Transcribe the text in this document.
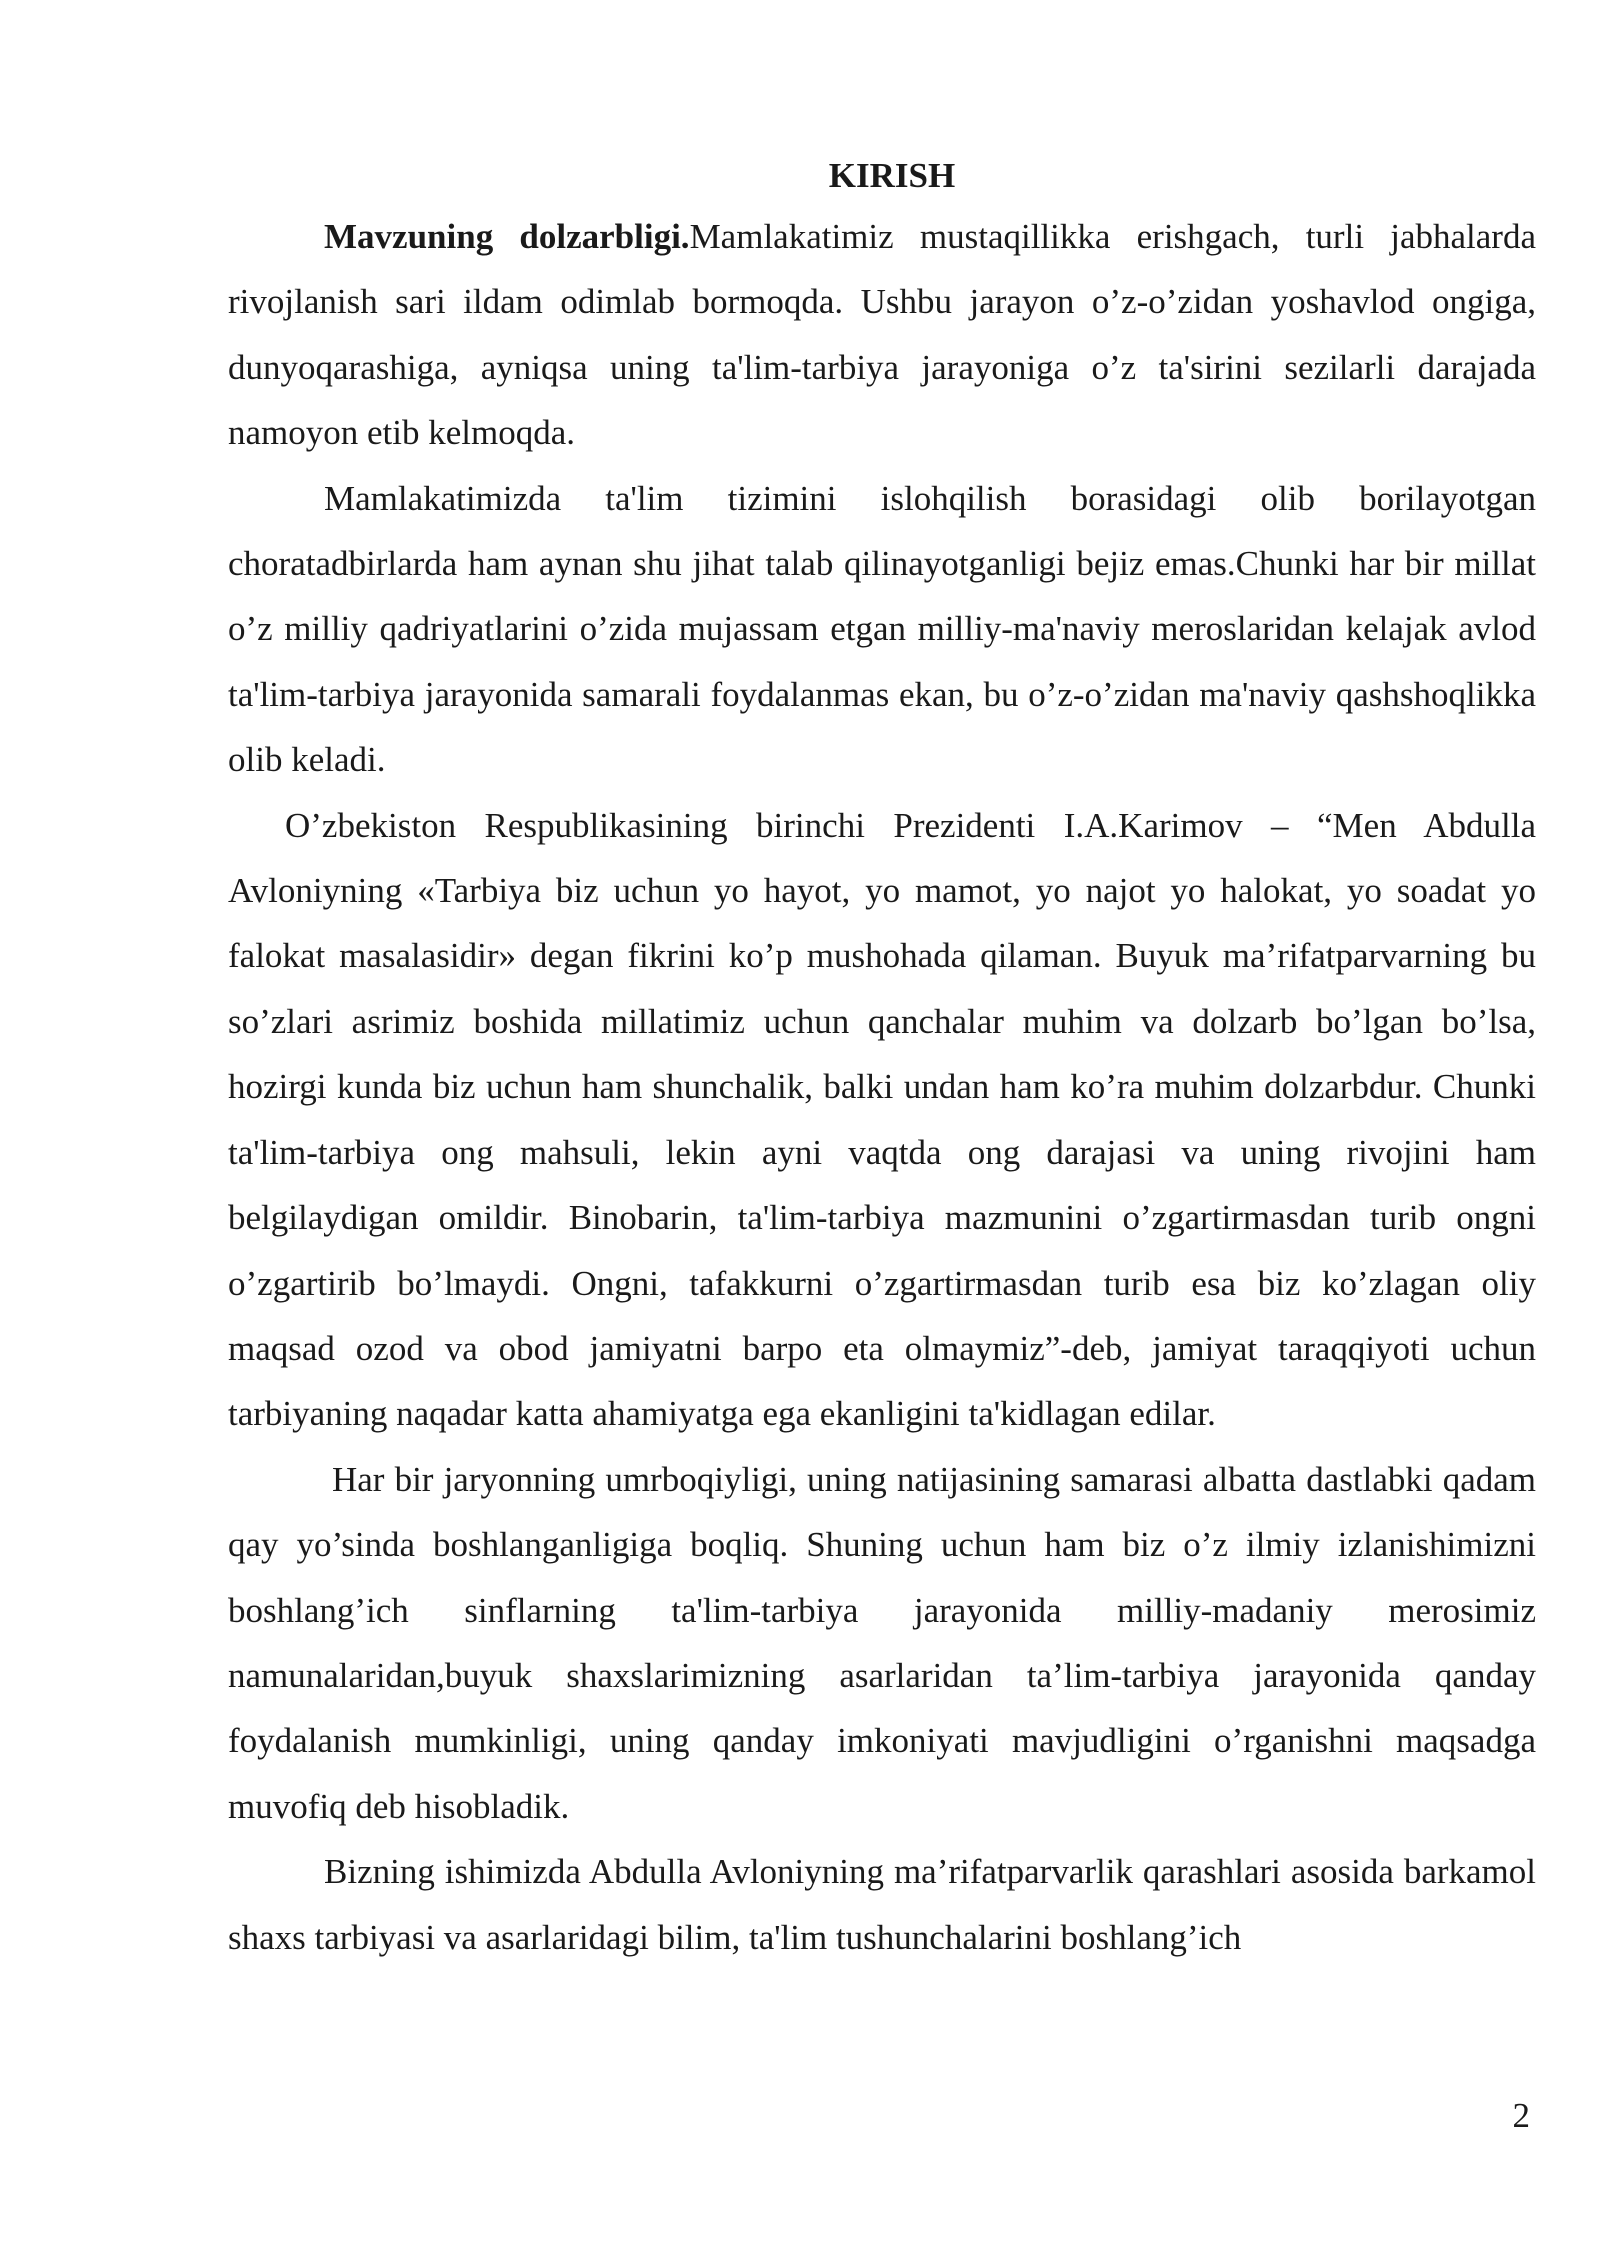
KIRISH

Mavzuning dolzarbligi.Mamlakatimiz mustaqillikka erishgach, turli jabhalarda rivojlanish sari ildam odimlab bormoqda. Ushbu jarayon o’z-o’zidan yoshavlod ongiga, dunyoqarashiga, ayniqsa uning ta'lim-tarbiya jarayoniga o’z ta'sirini sezilarli darajada namoyon etib kelmoqda.

Mamlakatimizda ta'lim tizimini islohqilish borasidagi olib borilayotgan choratadbirlarda ham aynan shu jihat talab qilinayotganligi bejiz emas.Chunki har bir millat o’z milliy qadriyatlarini o’zida mujassam etgan milliy-ma'naviy meroslaridan kelajak avlod ta'lim-tarbiya jarayonida samarali foydalanmas ekan, bu o’z-o’zidan ma'naviy qashshoqlikka olib keladi.

O’zbekiston Respublikasining birinchi Prezidenti I.A.Karimov – “Men Abdulla Avloniyning «Tarbiya biz uchun yo hayot, yo mamot, yo najot yo halokat, yo soadat yo falokat masalasidir» degan fikrini ko’p mushohada qilaman. Buyuk ma’rifatparvarning bu so’zlari asrimiz boshida millatimiz uchun qanchalar muhim va dolzarb bo’lgan bo’lsa, hozirgi kunda biz uchun ham shunchalik, balki undan ham ko’ra muhim dolzarbdur. Chunki ta'lim-tarbiya ong mahsuli, lekin ayni vaqtda ong darajasi va uning rivojini ham belgilaydigan omildir. Binobarin, ta'lim-tarbiya mazmunini o’zgartirmasdan turib ongni o’zgartirib bo’lmaydi. Ongni, tafakkurni o’zgartirmasdan turib esa biz ko’zlagan oliy maqsad ozod va obod jamiyatni barpo eta olmaymiz”-deb, jamiyat taraqqiyoti uchun tarbiyaning naqadar katta ahamiyatga ega ekanligini ta'kidlagan edilar.

Har bir jaryonning umrboqiyligi, uning natijasining samarasi albatta dastlabki qadam qay yo’sinda boshlanganligiga boqliq. Shuning uchun ham biz o’z ilmiy izlanishimizni boshlang’ich sinflarning ta'lim-tarbiya jarayonida milliy-madaniy merosimiz namunalaridan,buyuk shaxslarimizning asarlaridan ta’lim-tarbiya jarayonida qanday foydalanish mumkinligi, uning qanday imkoniyati mavjudligini o’rganishni maqsadga muvofiq deb hisobladik.

Bizning ishimizda Abdulla Avloniyning ma’rifatparvarlik qarashlari asosida barkamol shaxs tarbiyasi va asarlaridagi bilim, ta'lim tushunchalarini boshlang’ich

2
